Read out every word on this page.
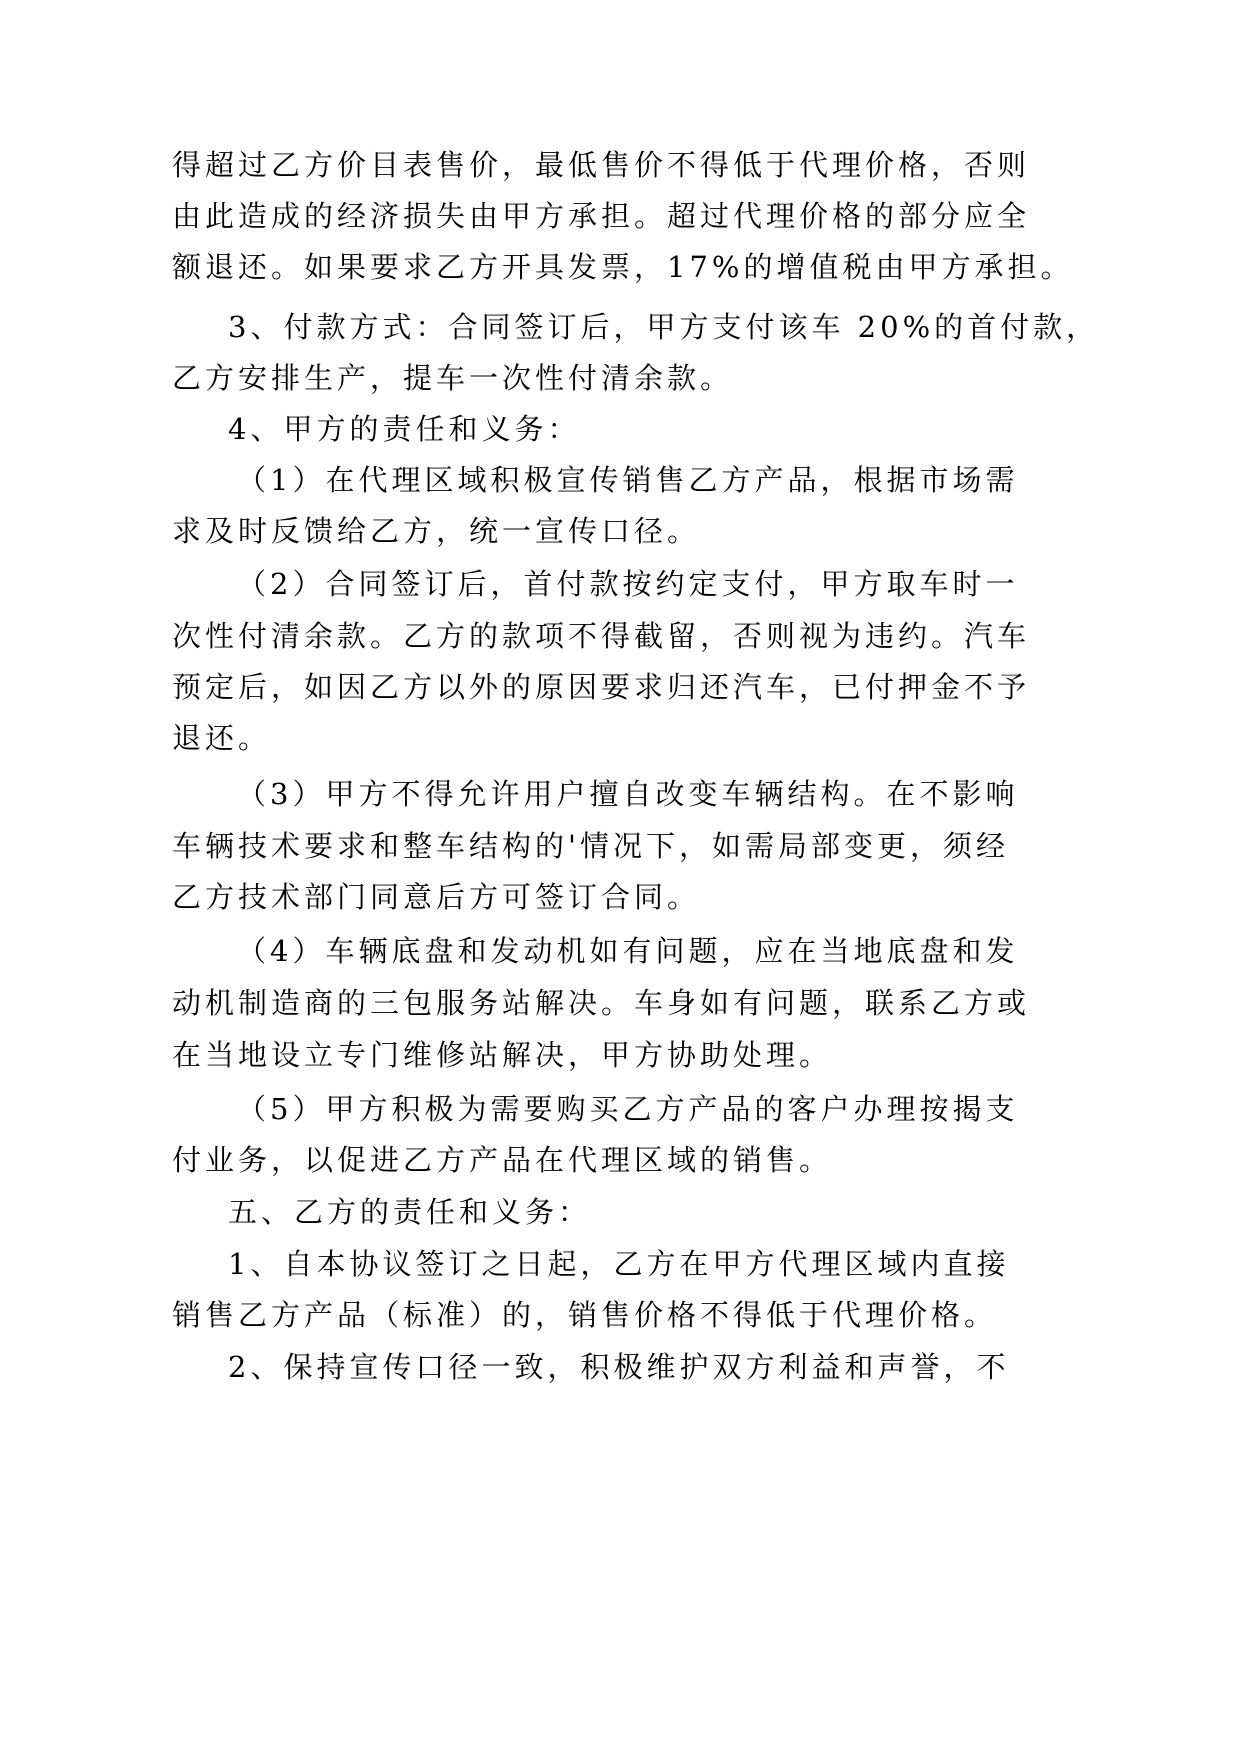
得超过乙方价目表售价，最低售价不得低于代理价格，否则
由此造成的经济损失由甲方承担。超过代理价格的部分应全
额退还。如果要求乙方开具发票，17%的增值税由甲方承担。
3、付款方式：合同签订后，甲方支付该车 20%的首付款，
乙方安排生产，提车一次性付清余款。
4、甲方的责任和义务：
（1）在代理区域积极宣传销售乙方产品，根据市场需
求及时反馈给乙方，统一宣传口径。
（2）合同签订后，首付款按约定支付，甲方取车时一
次性付清余款。乙方的款项不得截留，否则视为违约。汽车
预定后，如因乙方以外的原因要求归还汽车，已付押金不予
退还。
（3）甲方不得允许用户擅自改变车辆结构。在不影响
车辆技术要求和整车结构的'情况下，如需局部变更，须经
乙方技术部门同意后方可签订合同。
（4）车辆底盘和发动机如有问题，应在当地底盘和发
动机制造商的三包服务站解决。车身如有问题，联系乙方或
在当地设立专门维修站解决，甲方协助处理。
（5）甲方积极为需要购买乙方产品的客户办理按揭支
付业务，以促进乙方产品在代理区域的销售。
五、乙方的责任和义务：
1、自本协议签订之日起，乙方在甲方代理区域内直接
销售乙方产品（标准）的，销售价格不得低于代理价格。
2、保持宣传口径一致，积极维护双方利益和声誉，不
